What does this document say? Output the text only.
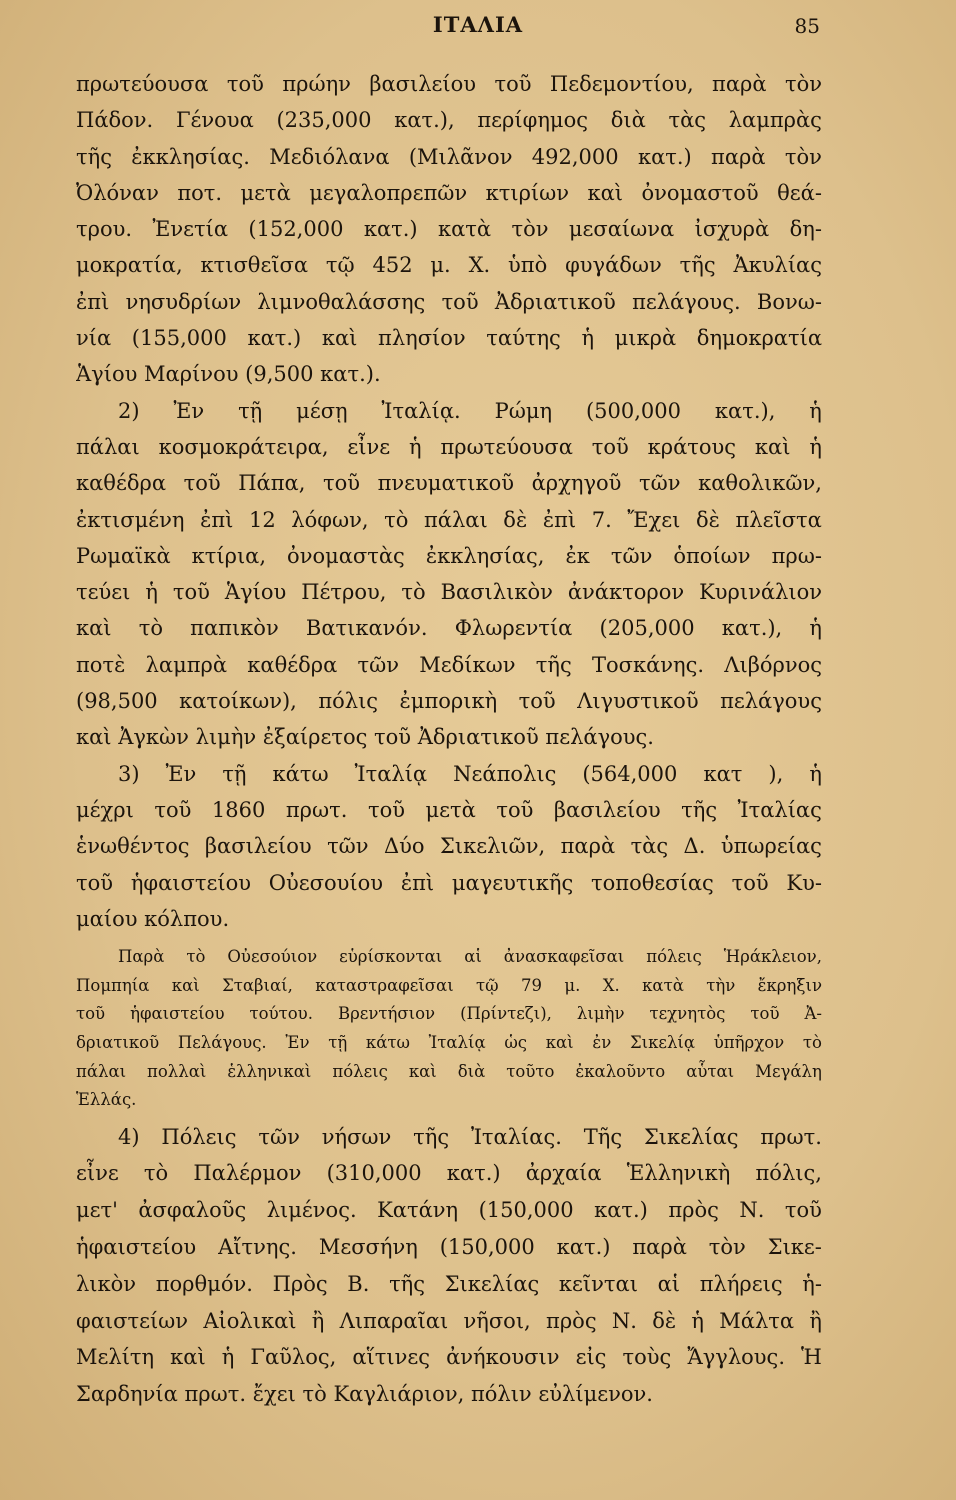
ΙΤΑΛΙΑ	85
πρωτεύουσα τοῦ πρώην βασιλείου τοῦ Πεδεμοντίου, παρὰ τὸν
Πάδον. Γένουα (235,000 κατ.), περίφημος διὰ τὰς λαμπρὰς
τῆς ἐκκλησίας. Μεδιόλανα (Μιλᾶνον 492,000 κατ.) παρὰ τὸν
Ὀλόναν ποτ. μετὰ μεγαλοπρεπῶν κτιρίων καὶ ὀνομαστοῦ θεά-
τρου. Ἐνετία (152,000 κατ.) κατὰ τὸν μεσαίωνα ἰσχυρὰ δη-
μοκρατία, κτισθεῖσα τῷ 452 μ. Χ. ὑπὸ φυγάδων τῆς Ἀκυλίας
ἐπὶ νησυδρίων λιμνοθαλάσσης τοῦ Ἀδριατικοῦ πελάγους. Βονω-
νία (155,000 κατ.) καὶ πλησίον ταύτης ἡ μικρὰ δημοκρατία
Ἁγίου Μαρίνου (9,500 κατ.).
2) Ἐν τῇ μέσῃ Ἰταλίᾳ. Ρώμη (500,000 κατ.), ἡ
πάλαι κοσμοκράτειρα, εἶνε ἡ πρωτεύουσα τοῦ κράτους καὶ ἡ
καθέδρα τοῦ Πάπα, τοῦ πνευματικοῦ ἀρχηγοῦ τῶν καθολικῶν,
ἐκτισμένη ἐπὶ 12 λόφων, τὸ πάλαι δὲ ἐπὶ 7. Ἔχει δὲ πλεῖστα
Ρωμαϊκὰ κτίρια, ὀνομαστὰς ἐκκλησίας, ἐκ τῶν ὁποίων πρω-
τεύει ἡ τοῦ Ἁγίου Πέτρου, τὸ Βασιλικὸν ἀνάκτορον Κυρινάλιον
καὶ τὸ παπικὸν Βατικανόν. Φλωρεντία (205,000 κατ.), ἡ
ποτὲ λαμπρὰ καθέδρα τῶν Μεδίκων τῆς Τοσκάνης. Λιβόρνος
(98,500 κατοίκων), πόλις ἐμπορικὴ τοῦ Λιγυστικοῦ πελάγους
καὶ Ἀγκὼν λιμὴν ἐξαίρετος τοῦ Ἀδριατικοῦ πελάγους.
3) Ἐν τῇ κάτω Ἰταλίᾳ Νεάπολις (564,000 κατ ), ἡ
μέχρι τοῦ 1860 πρωτ. τοῦ μετὰ τοῦ βασιλείου τῆς Ἰταλίας
ἑνωθέντος βασιλείου τῶν Δύο Σικελιῶν, παρὰ τὰς Δ. ὑπωρείας
τοῦ ἡφαιστείου Οὐεσουίου ἐπὶ μαγευτικῆς τοποθεσίας τοῦ Κυ-
μαίου κόλπου.
Παρὰ τὸ Οὐεσούιον εὑρίσκονται αἱ ἀνασκαφεῖσαι πόλεις Ἡράκλειον,
Πομπηία καὶ Σταβιαί, καταστραφεῖσαι τῷ 79 μ. Χ. κατὰ τὴν ἔκρηξιν
τοῦ ἡφαιστείου τούτου. Βρεντήσιον (Πρίντεζι), λιμὴν τεχνητὸς τοῦ Ἀ-
δριατικοῦ Πελάγους. Ἐν τῇ κάτω Ἰταλίᾳ ὡς καὶ ἐν Σικελίᾳ ὑπῆρχον τὸ
πάλαι πολλαὶ ἑλληνικαὶ πόλεις καὶ διὰ τοῦτο ἐκαλοῦντο αὗται Μεγάλη
Ἑλλάς.
4) Πόλεις τῶν νήσων τῆς Ἰταλίας. Τῆς Σικελίας πρωτ.
εἶνε τὸ Παλέρμον (310,000 κατ.) ἀρχαία Ἑλληνικὴ πόλις,
μετ' ἀσφαλοῦς λιμένος. Κατάνη (150,000 κατ.) πρὸς Ν. τοῦ
ἡφαιστείου Αἴτνης. Μεσσήνη (150,000 κατ.) παρὰ τὸν Σικε-
λικὸν πορθμόν. Πρὸς Β. τῆς Σικελίας κεῖνται αἱ πλήρεις ἡ-
φαιστείων Αἰολικαὶ ἢ Λιπαραῖαι νῆσοι, πρὸς Ν. δὲ ἡ Μάλτα ἢ
Μελίτη καὶ ἡ Γαῦλος, αἵτινες ἀνήκουσιν εἰς τοὺς Ἄγγλους. Ἡ
Σαρδηνία πρωτ. ἔχει τὸ Καγλιάριον, πόλιν εὐλίμενον.
